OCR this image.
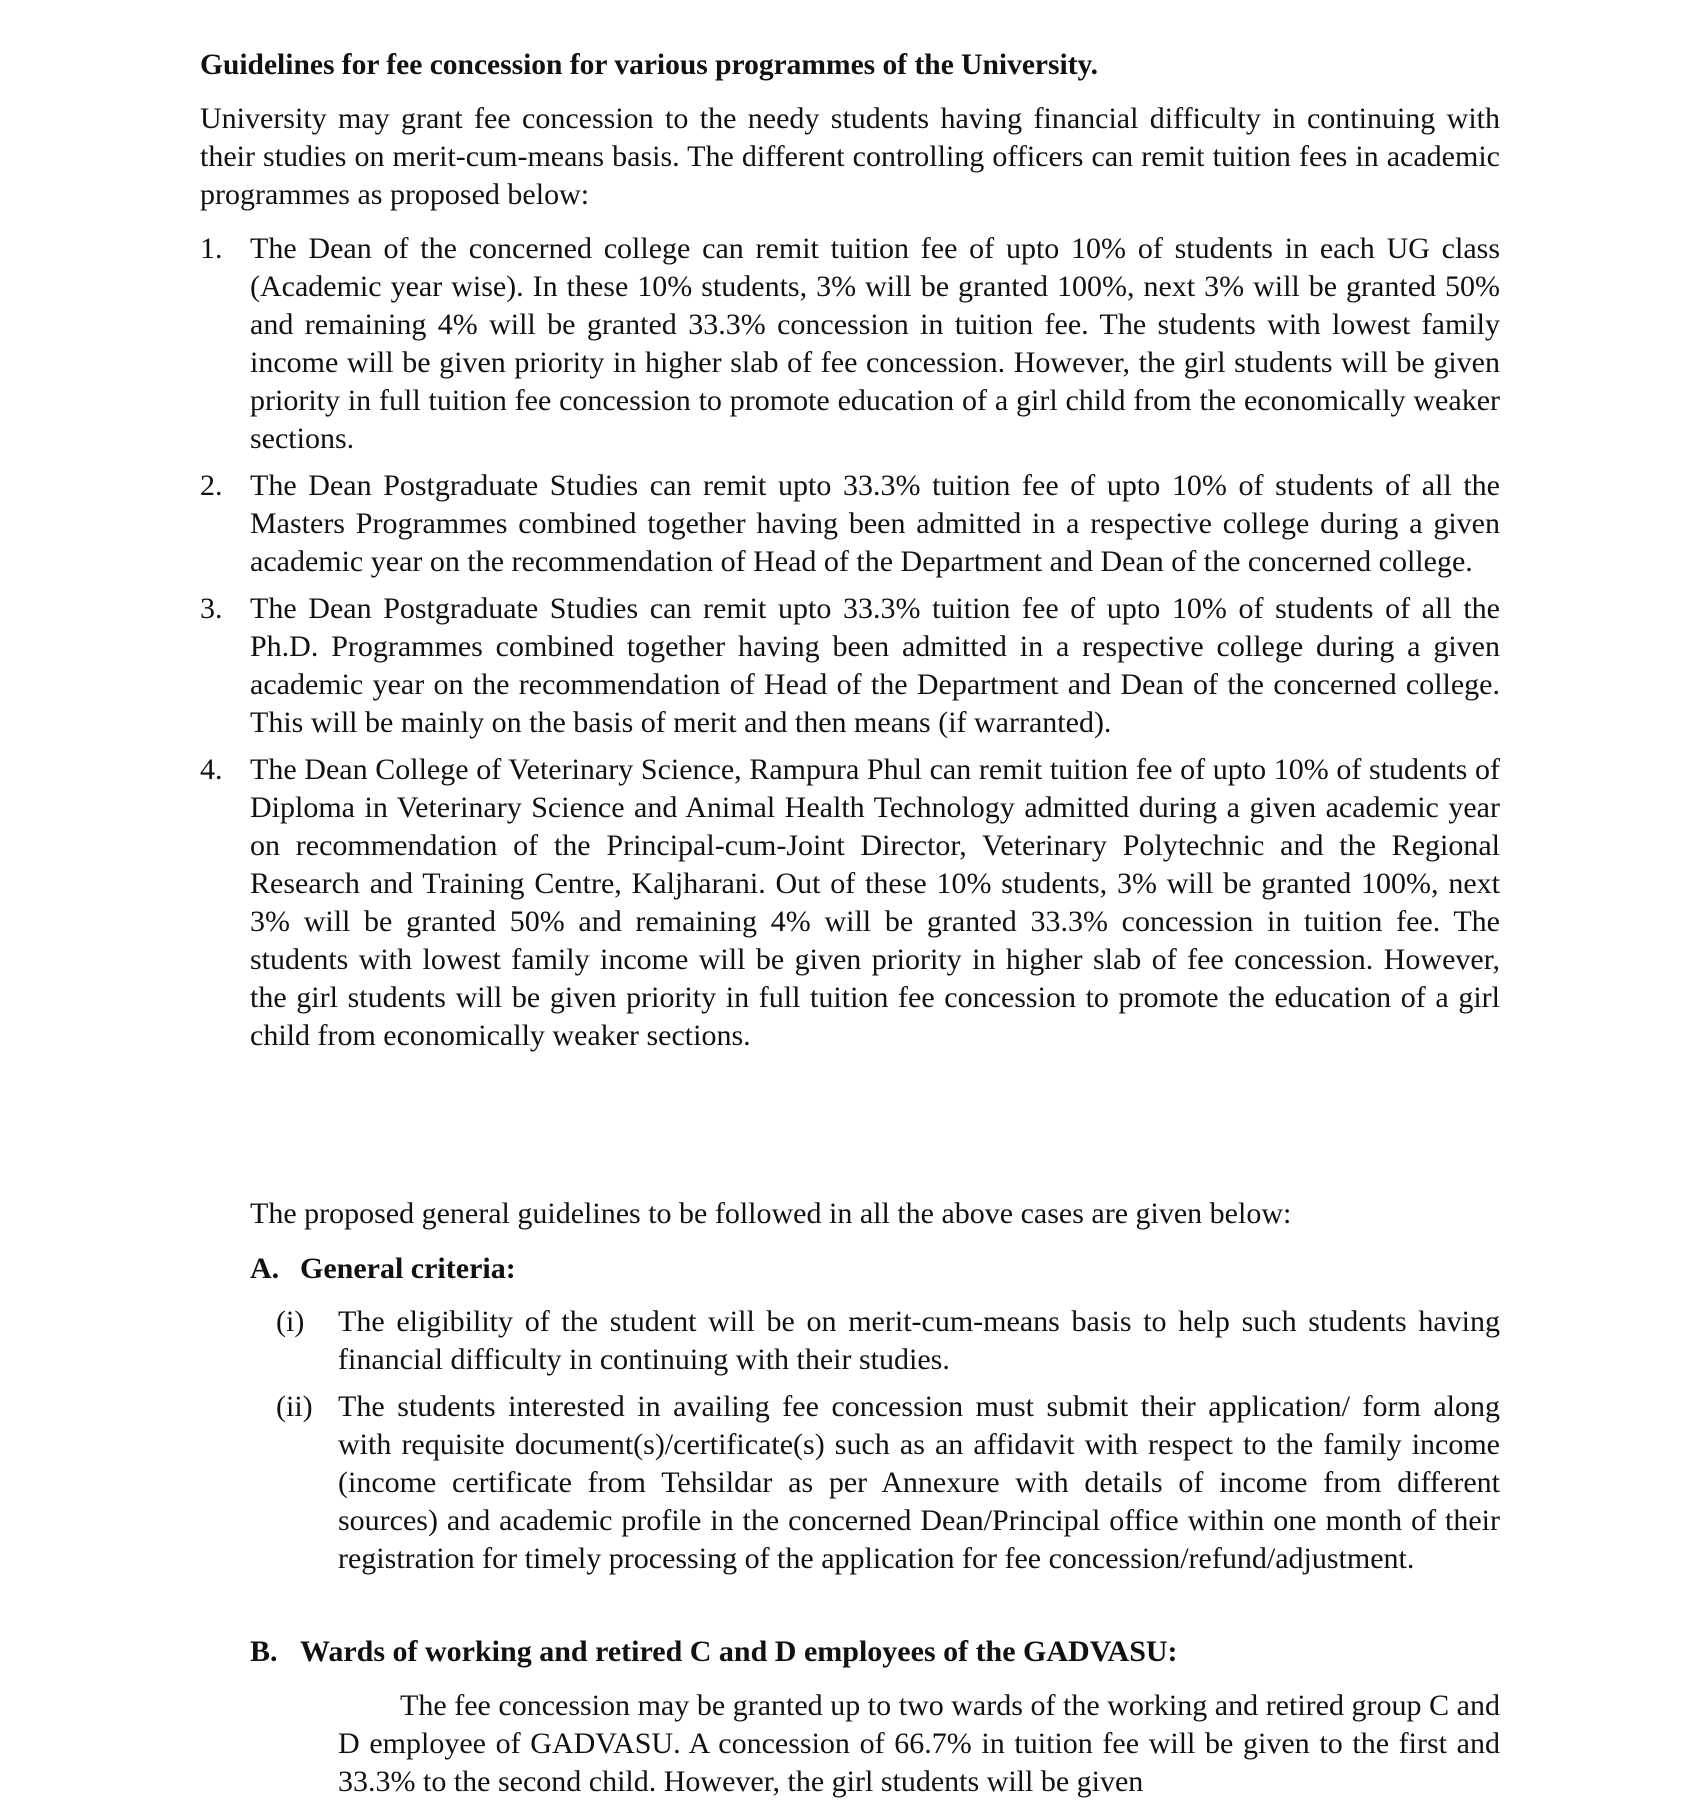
Guidelines for fee concession for various programmes of the University.
University may grant fee concession to the needy students having financial difficulty in continuing with their studies on merit-cum-means basis. The different controlling officers can remit tuition fees in academic programmes as proposed below:
1. The Dean of the concerned college can remit tuition fee of upto 10% of students in each UG class (Academic year wise). In these 10% students, 3% will be granted 100%, next 3% will be granted 50% and remaining 4% will be granted 33.3% concession in tuition fee. The students with lowest family income will be given priority in higher slab of fee concession. However, the girl students will be given priority in full tuition fee concession to promote education of a girl child from the economically weaker sections.
2. The Dean Postgraduate Studies can remit upto 33.3% tuition fee of upto 10% of students of all the Masters Programmes combined together having been admitted in a respective college during a given academic year on the recommendation of Head of the Department and Dean of the concerned college.
3. The Dean Postgraduate Studies can remit upto 33.3% tuition fee of upto 10% of students of all the Ph.D. Programmes combined together having been admitted in a respective college during a given academic year on the recommendation of Head of the Department and Dean of the concerned college. This will be mainly on the basis of merit and then means (if warranted).
4. The Dean College of Veterinary Science, Rampura Phul can remit tuition fee of upto 10% of students of Diploma in Veterinary Science and Animal Health Technology admitted during a given academic year on recommendation of the Principal-cum-Joint Director, Veterinary Polytechnic and the Regional Research and Training Centre, Kaljharani. Out of these 10% students, 3% will be granted 100%, next 3% will be granted 50% and remaining 4% will be granted 33.3% concession in tuition fee. The students with lowest family income will be given priority in higher slab of fee concession. However, the girl students will be given priority in full tuition fee concession to promote the education of a girl child from economically weaker sections.
The proposed general guidelines to be followed in all the above cases are given below:
A. General criteria:
(i)	The eligibility of the student will be on merit-cum-means basis to help such students having financial difficulty in continuing with their studies.
(ii) The students interested in availing fee concession must submit their application/ form along with requisite document(s)/certificate(s) such as an affidavit with respect to the family income (income certificate from Tehsildar as per Annexure with details of income from different sources) and academic profile in the concerned Dean/Principal office within one month of their registration for timely processing of the application for fee concession/refund/adjustment.
B. Wards of working and retired C and D employees of the GADVASU:
The fee concession may be granted up to two wards of the working and retired group C and D employee of GADVASU. A concession of 66.7% in tuition fee will be given to the first and 33.3% to the second child. However, the girl students will be given
